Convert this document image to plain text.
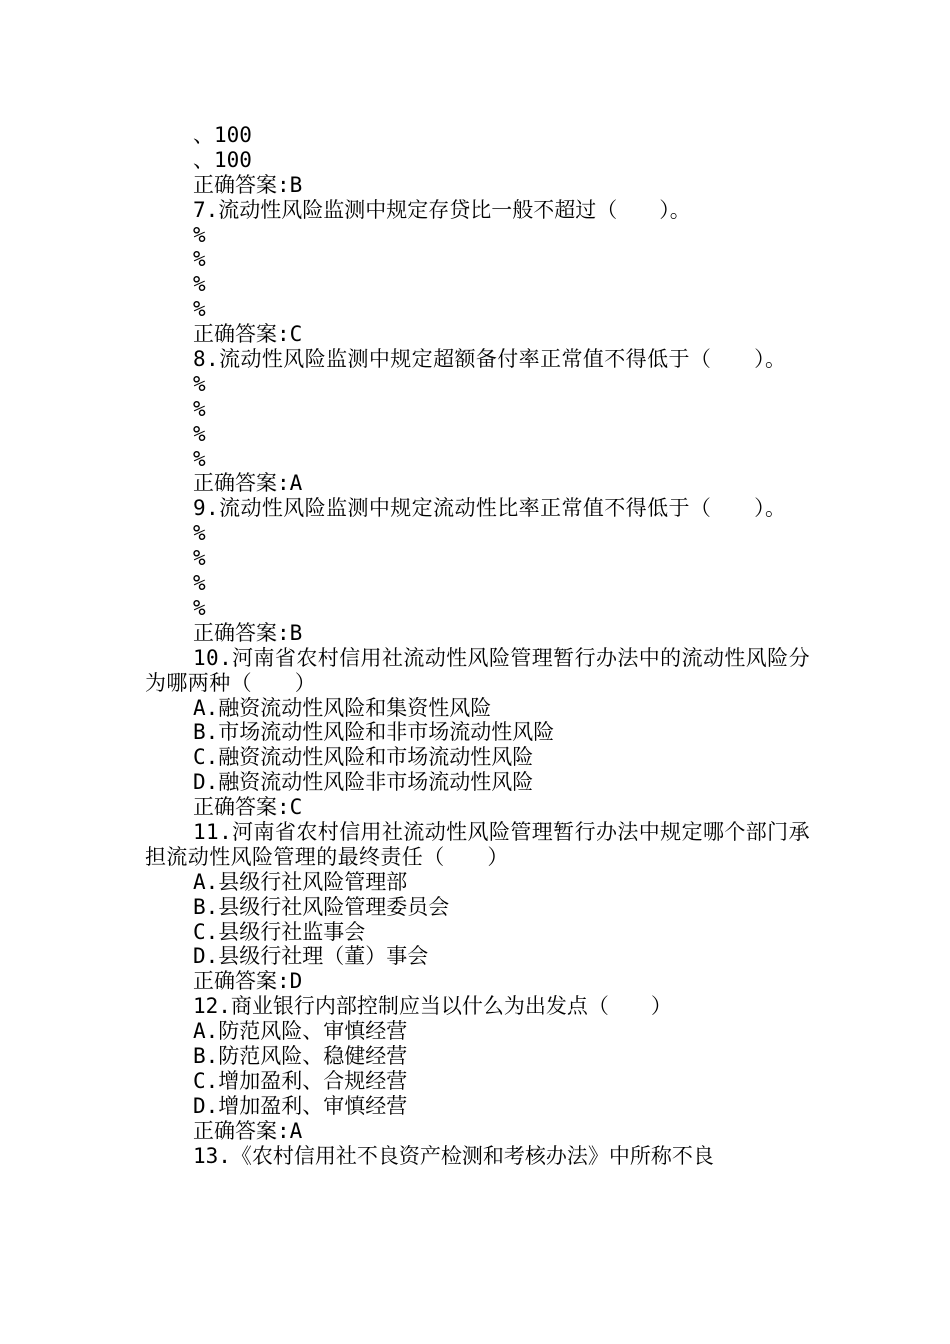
、100
、100
正确答案:B
7.流动性风险监测中规定存贷比一般不超过（　　）。
%
%
%
%
正确答案:C
8.流动性风险监测中规定超额备付率正常值不得低于（　　）。
%
%
%
%
正确答案:A
9.流动性风险监测中规定流动性比率正常值不得低于（　　）。
%
%
%
%
正确答案:B
10.河南省农村信用社流动性风险管理暂行办法中的流动性风险分为哪两种（　　）
A.融资流动性风险和集资性风险
B.市场流动性风险和非市场流动性风险
C.融资流动性风险和市场流动性风险
D.融资流动性风险非市场流动性风险
正确答案:C
11.河南省农村信用社流动性风险管理暂行办法中规定哪个部门承担流动性风险管理的最终责任（　　）
A.县级行社风险管理部
B.县级行社风险管理委员会
C.县级行社监事会
D.县级行社理（董）事会
正确答案:D
12.商业银行内部控制应当以什么为出发点（　　）
A.防范风险、审慎经营
B.防范风险、稳健经营
C.增加盈利、合规经营
D.增加盈利、审慎经营
正确答案:A
13.《农村信用社不良资产检测和考核办法》中所称不良
